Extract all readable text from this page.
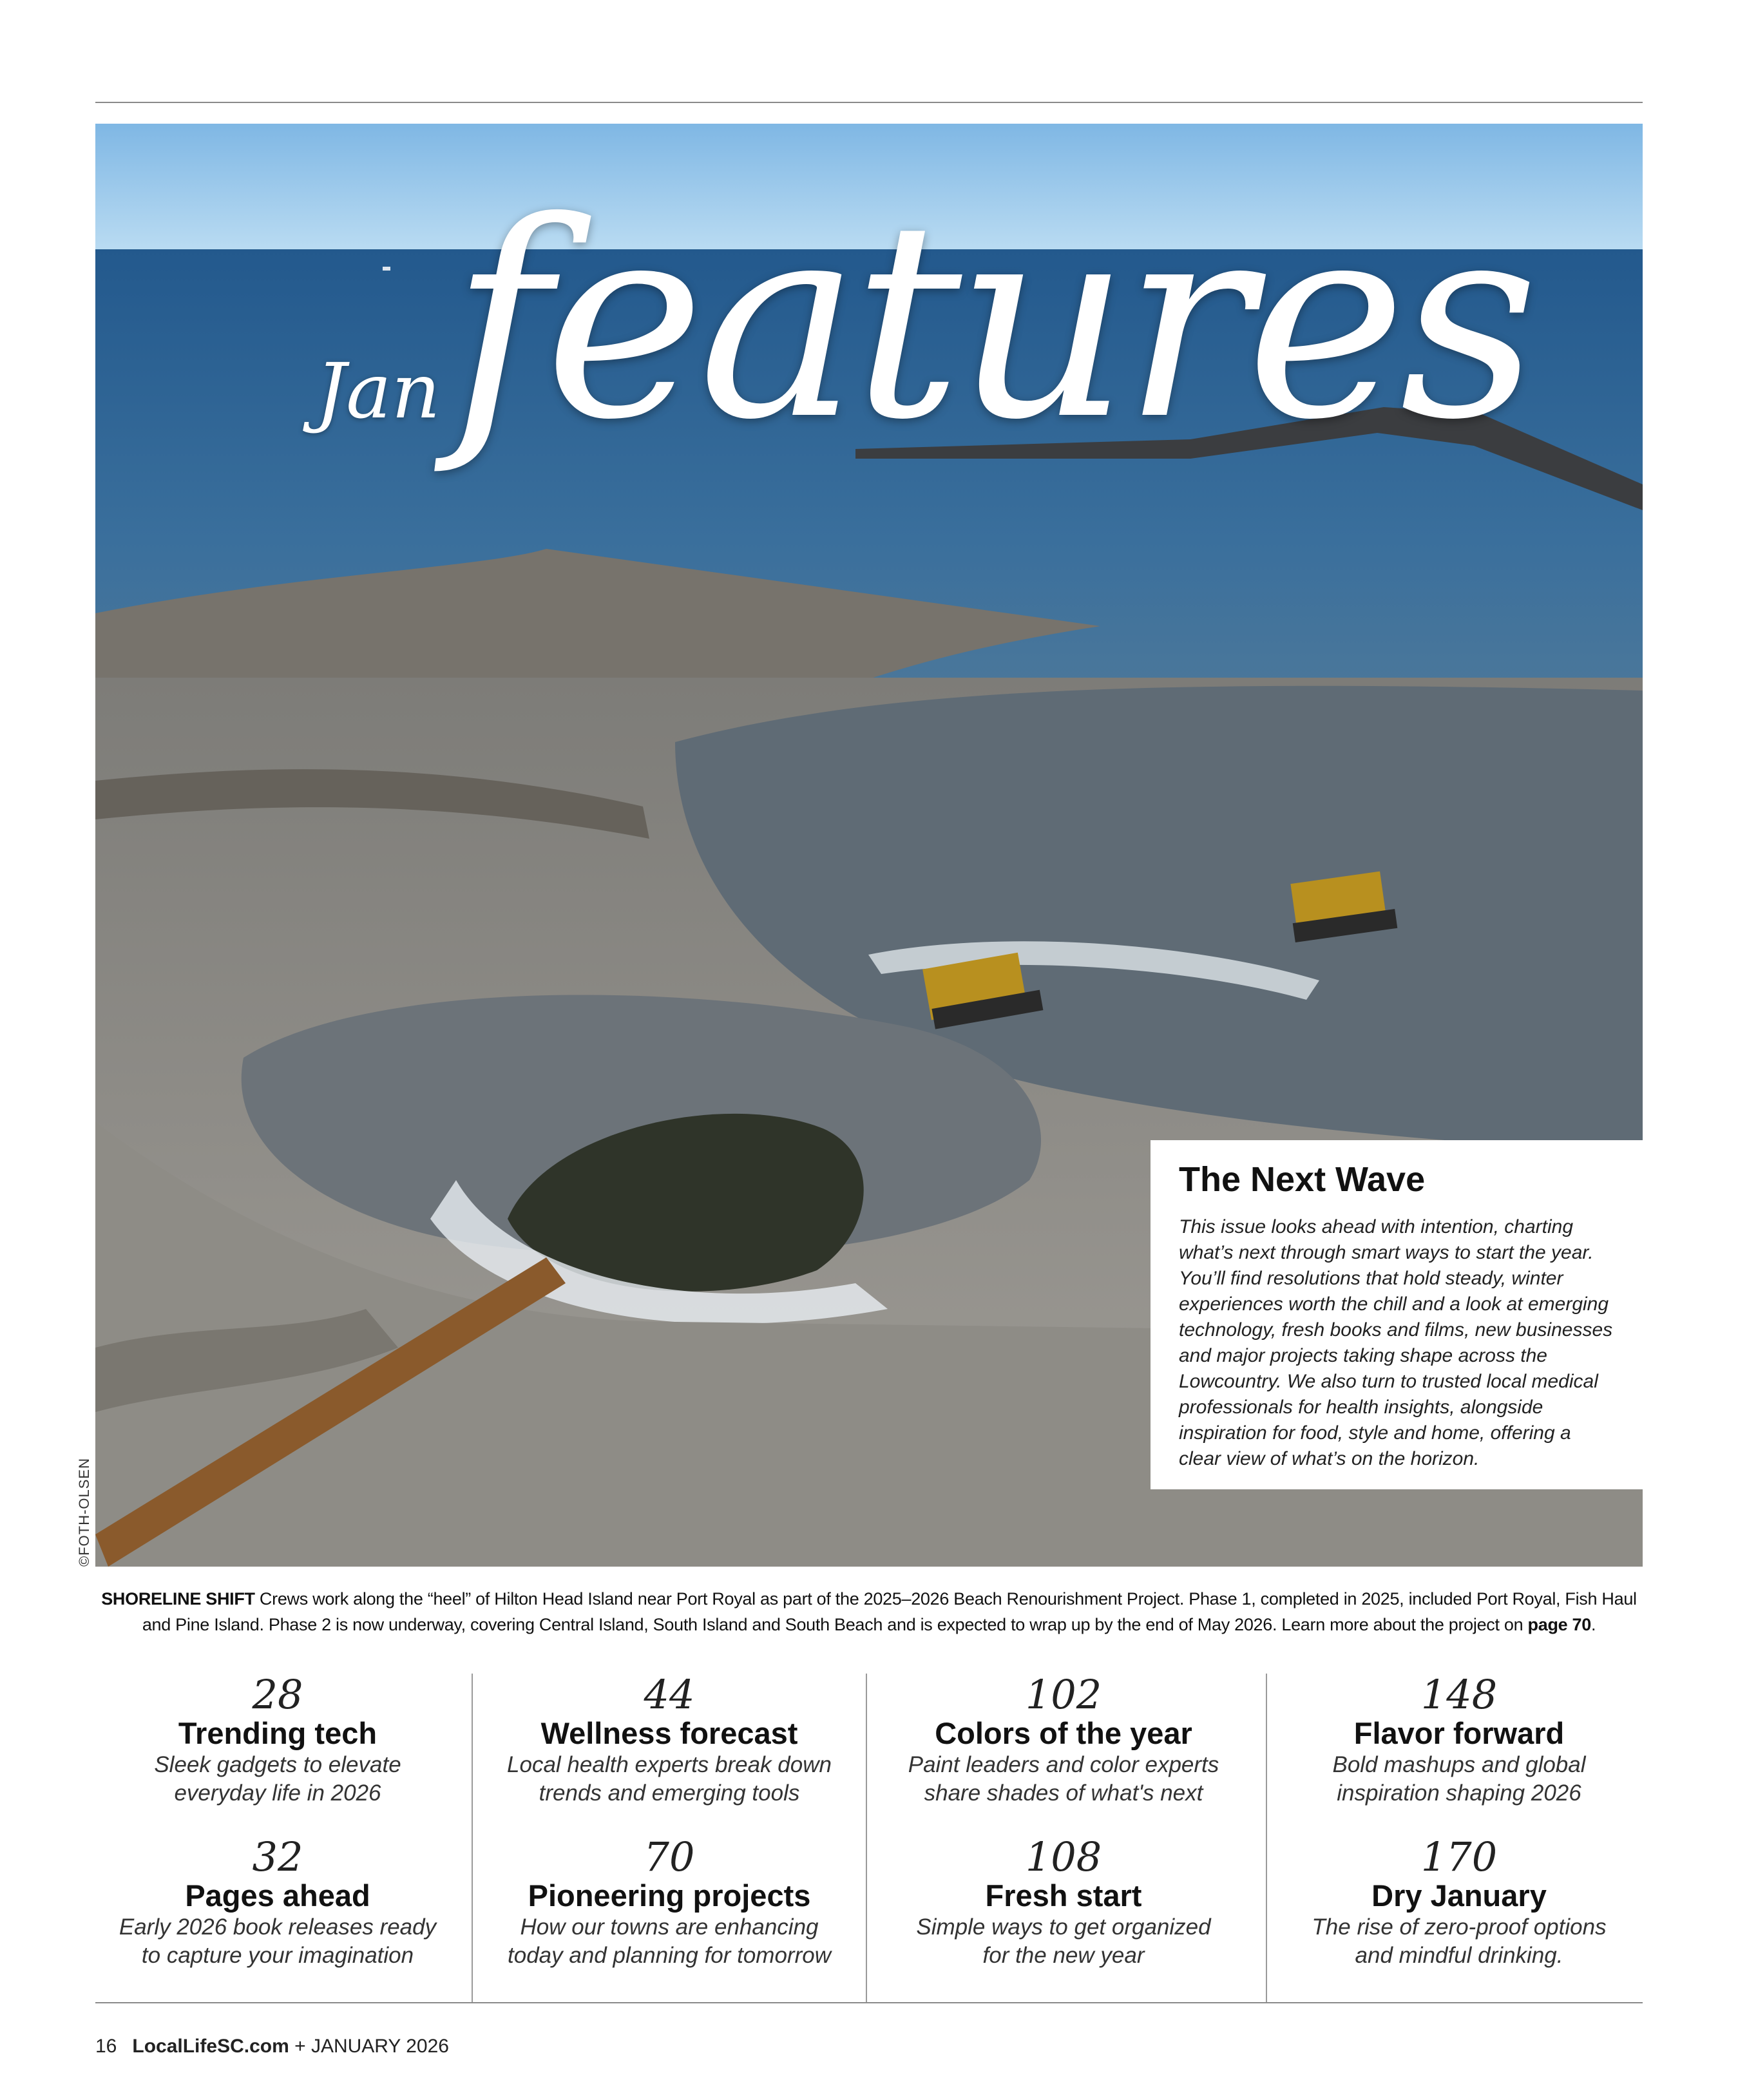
©FOTH-OLSEN
Jan features
The Next Wave

This issue looks ahead with intention, charting what’s next through smart ways to start the year. You’ll find resolutions that hold steady, winter experiences worth the chill and a look at emerging technology, fresh books and films, new businesses and major projects taking shape across the Lowcountry. We also turn to trusted local medical professionals for health insights, alongside inspiration for food, style and home, offering a clear view of what’s on the horizon.

SHORELINE SHIFT Crews work along the “heel” of Hilton Head Island near Port Royal as part of the 2025–2026 Beach Renourishment Project. Phase 1, completed in 2025, included Port Royal, Fish Haul and Pine Island. Phase 2 is now underway, covering Central Island, South Island and South Beach and is expected to wrap up by the end of May 2026. Learn more about the project on page 70.
28
Trending tech
Sleek gadgets to elevate
everyday life in 2026
44
Wellness forecast
Local health experts break down
trends and emerging tools
102
Colors of the year
Paint leaders and color experts
share shades of what's next
148
Flavor forward
Bold mashups and global
inspiration shaping 2026
32
Pages ahead
Early 2026 book releases ready
to capture your imagination
70
Pioneering projects
How our towns are enhancing
today and planning for tomorrow
108
Fresh start
Simple ways to get organized
for the new year
170
Dry January
The rise of zero-proof options
and mindful drinking.
16 LocalLifeSC.com + JANUARY 2026
